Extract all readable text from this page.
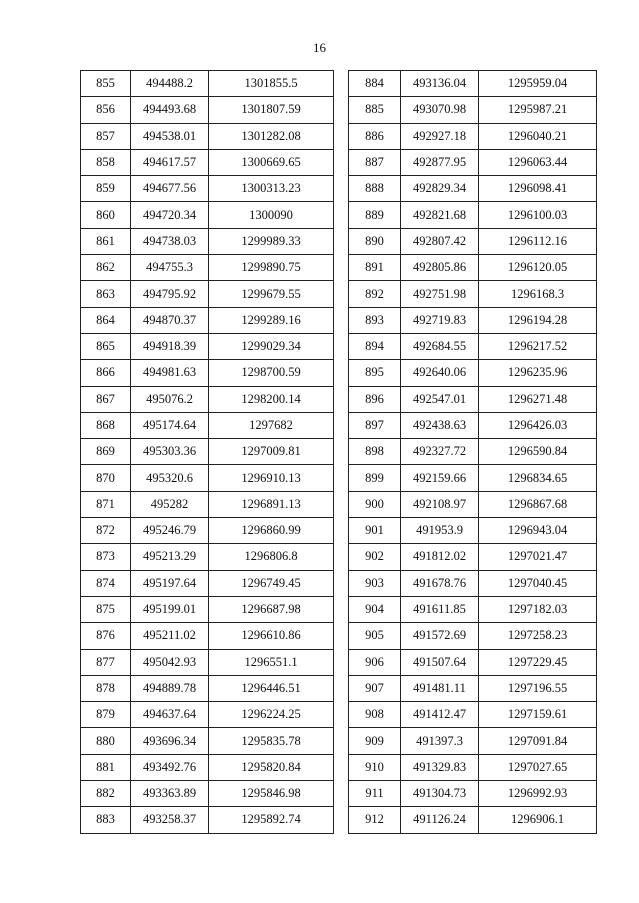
16
855	494488.2	1301855.5
856	494493.68	1301807.59
857	494538.01	1301282.08
858	494617.57	1300669.65
859	494677.56	1300313.23
860	494720.34	1300090
861	494738.03	1299989.33
862	494755.3	1299890.75
863	494795.92	1299679.55
864	494870.37	1299289.16
865	494918.39	1299029.34
866	494981.63	1298700.59
867	495076.2	1298200.14
868	495174.64	1297682
869	495303.36	1297009.81
870	495320.6	1296910.13
871	495282	1296891.13
872	495246.79	1296860.99
873	495213.29	1296806.8
874	495197.64	1296749.45
875	495199.01	1296687.98
876	495211.02	1296610.86
877	495042.93	1296551.1
878	494889.78	1296446.51
879	494637.64	1296224.25
880	493696.34	1295835.78
881	493492.76	1295820.84
882	493363.89	1295846.98
883	493258.37	1295892.74
884	493136.04	1295959.04
885	493070.98	1295987.21
886	492927.18	1296040.21
887	492877.95	1296063.44
888	492829.34	1296098.41
889	492821.68	1296100.03
890	492807.42	1296112.16
891	492805.86	1296120.05
892	492751.98	1296168.3
893	492719.83	1296194.28
894	492684.55	1296217.52
895	492640.06	1296235.96
896	492547.01	1296271.48
897	492438.63	1296426.03
898	492327.72	1296590.84
899	492159.66	1296834.65
900	492108.97	1296867.68
901	491953.9	1296943.04
902	491812.02	1297021.47
903	491678.76	1297040.45
904	491611.85	1297182.03
905	491572.69	1297258.23
906	491507.64	1297229.45
907	491481.11	1297196.55
908	491412.47	1297159.61
909	491397.3	1297091.84
910	491329.83	1297027.65
911	491304.73	1296992.93
912	491126.24	1296906.1
